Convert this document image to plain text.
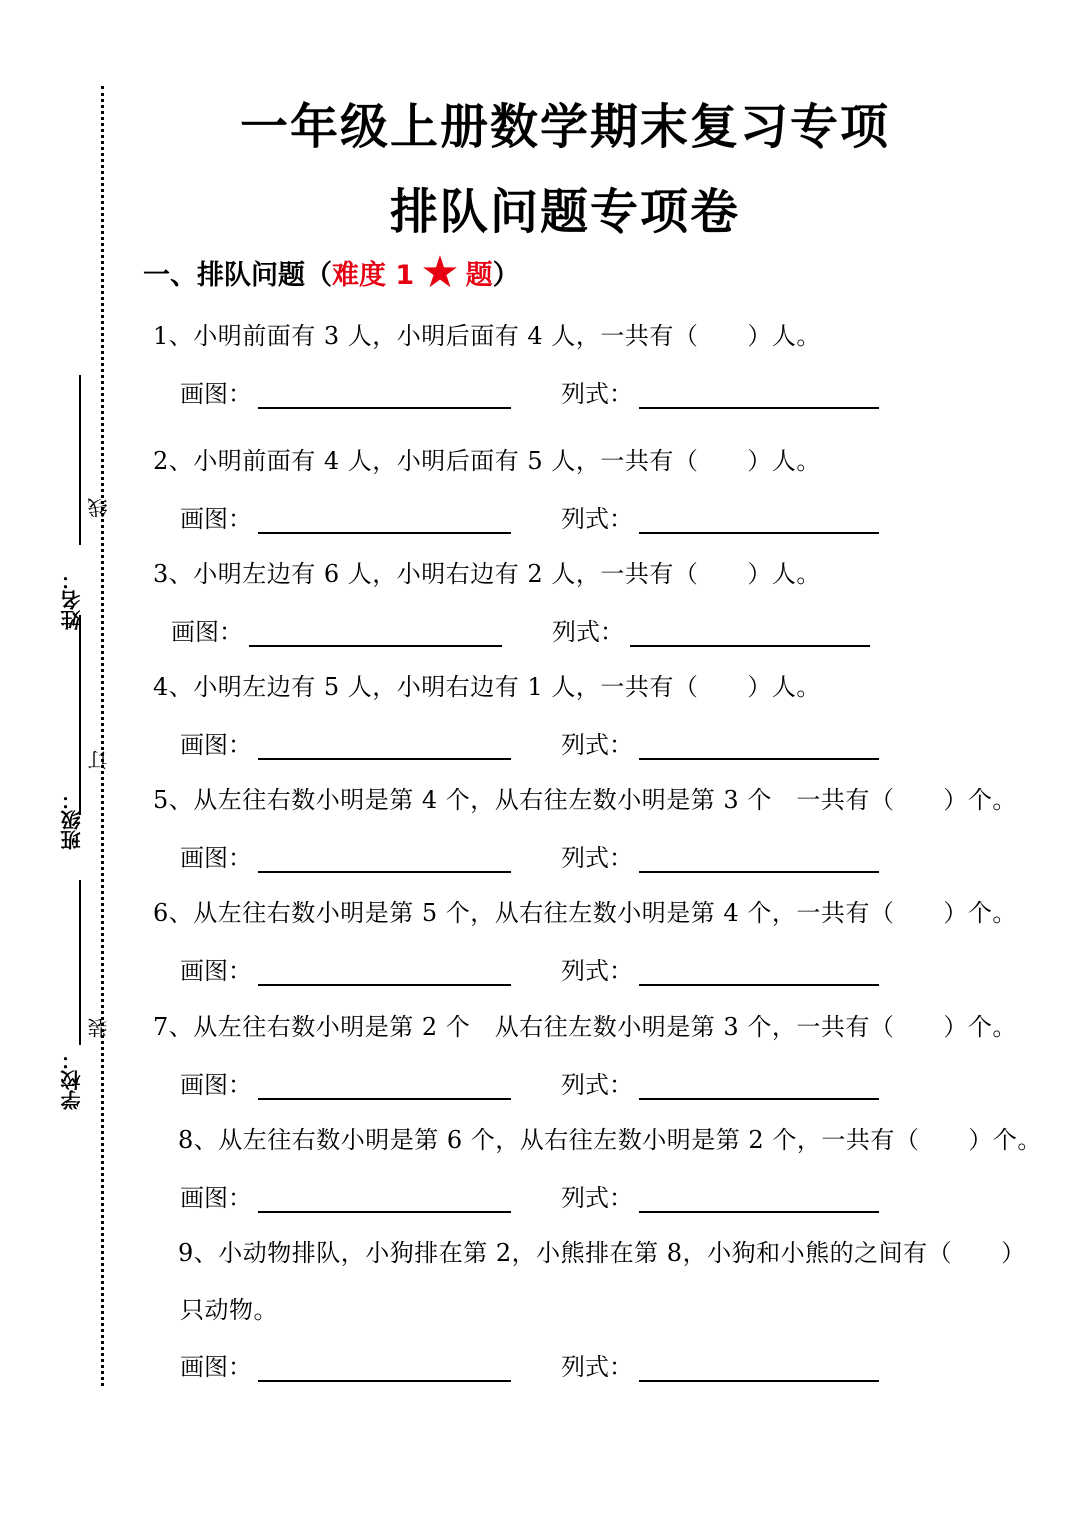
姓名：
班级：
学校：
线
订
装
一年级上册数学期末复习专项
排队问题专项卷
一、排队问题（ 难度 1 ★ 题 ）
1、小明前面有 3 人，小明后面有 4 人，一共有（　　）人。
画图：	列式：
2、小明前面有 4 人，小明后面有 5 人，一共有（　　）人。
画图：	列式：
3、小明左边有 6 人，小明右边有 2 人，一共有（　　）人。
画图：	列式：
4、小明左边有 5 人，小明右边有 1 人，一共有（　　）人。
画图：	列式：
5、从左往右数小明是第 4 个，从右往左数小明是第 3 个　一共有（　　）个。
画图：	列式：
6、从左往右数小明是第 5 个，从右往左数小明是第 4 个，一共有（　　）个。
画图：	列式：
7、从左往右数小明是第 2 个　从右往左数小明是第 3 个，一共有（　　）个。
画图：	列式：
8、从左往右数小明是第 6 个，从右往左数小明是第 2 个，一共有（　　）个。
画图：	列式：
9、小动物排队，小狗排在第 2，小熊排在第 8，小狗和小熊的之间有（　　）
只动物。
画图：	列式：
